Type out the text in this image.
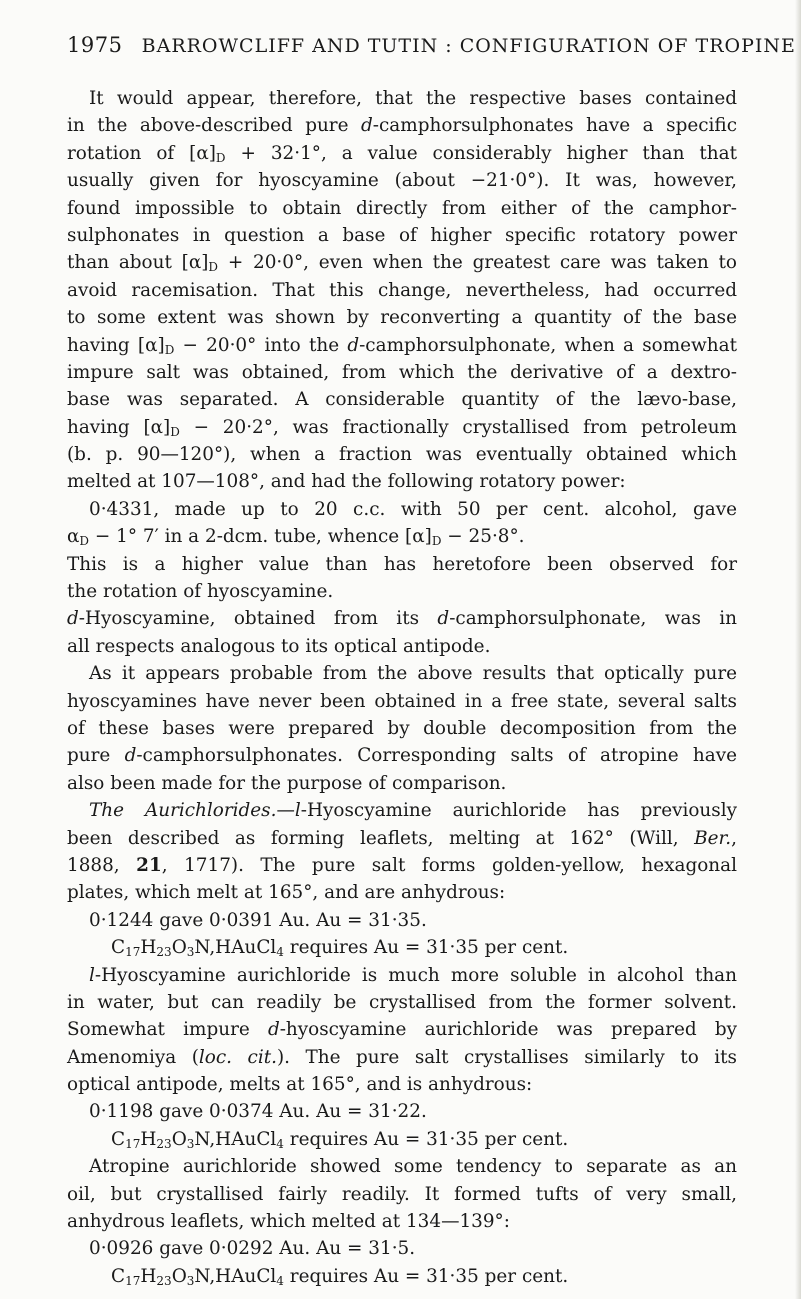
1975 BARROWCLIFF AND TUTIN : CONFIGURATION OF TROPINE
It would appear, therefore, that the respective bases contained
in the above-described pure d-camphorsulphonates have a specific
rotation of $[\alpha]_D + 32\cdot 1^\circ$, a value considerably higher than that
usually given for hyoscyamine (about −21·0°). It was, however,
found impossible to obtain directly from either of the camphor-
sulphonates in question a base of higher specific rotatory power
than about $[\alpha]_D + 20\cdot 0^\circ$, even when the greatest care was taken to
avoid racemisation. That this change, nevertheless, had occurred
to some extent was shown by reconverting a quantity of the base
having $[\alpha]_D - 20\cdot 0^\circ$ into the d-camphorsulphonate, when a somewhat
impure salt was obtained, from which the derivative of a dextro-
base was separated. A considerable quantity of the lævo-base,
having $[\alpha]_D - 20\cdot 2^\circ$, was fractionally crystallised from petroleum
(b. p. 90—120°), when a fraction was eventually obtained which
melted at 107—108°, and had the following rotatory power:
0·4331, made up to 20 c.c. with 50 per cent. alcohol, gave
$\alpha_D - 1^\circ$ 7′ in a 2-dcm. tube, whence $[\alpha]_D - 25\cdot 8^\circ$.
This is a higher value than has heretofore been observed for
the rotation of hyoscyamine.
d-Hyoscyamine, obtained from its d-camphorsulphonate, was in
all respects analogous to its optical antipode.
As it appears probable from the above results that optically pure
hyoscyamines have never been obtained in a free state, several salts
of these bases were prepared by double decomposition from the
pure d-camphorsulphonates. Corresponding salts of atropine have
also been made for the purpose of comparison.
The Aurichlorides.—l-Hyoscyamine aurichloride has previously
been described as forming leaflets, melting at 162° (Will, Ber.,
1888, 21, 1717). The pure salt forms golden-yellow, hexagonal
plates, which melt at 165°, and are anhydrous:
0·1244 gave 0·0391 Au. Au = 31·35.
$C_{17}H_{23}O_3N,HAuCl_4$ requires Au = 31·35 per cent.
l-Hyoscyamine aurichloride is much more soluble in alcohol than
in water, but can readily be crystallised from the former solvent.
Somewhat impure d-hyoscyamine aurichloride was prepared by
Amenomiya (loc. cit.). The pure salt crystallises similarly to its
optical antipode, melts at 165°, and is anhydrous:
0·1198 gave 0·0374 Au. Au = 31·22.
$C_{17}H_{23}O_3N,HAuCl_4$ requires Au = 31·35 per cent.
Atropine aurichloride showed some tendency to separate as an
oil, but crystallised fairly readily. It formed tufts of very small,
anhydrous leaflets, which melted at 134—139°:
0·0926 gave 0·0292 Au. Au = 31·5.
$C_{17}H_{23}O_3N,HAuCl_4$ requires Au = 31·35 per cent.
